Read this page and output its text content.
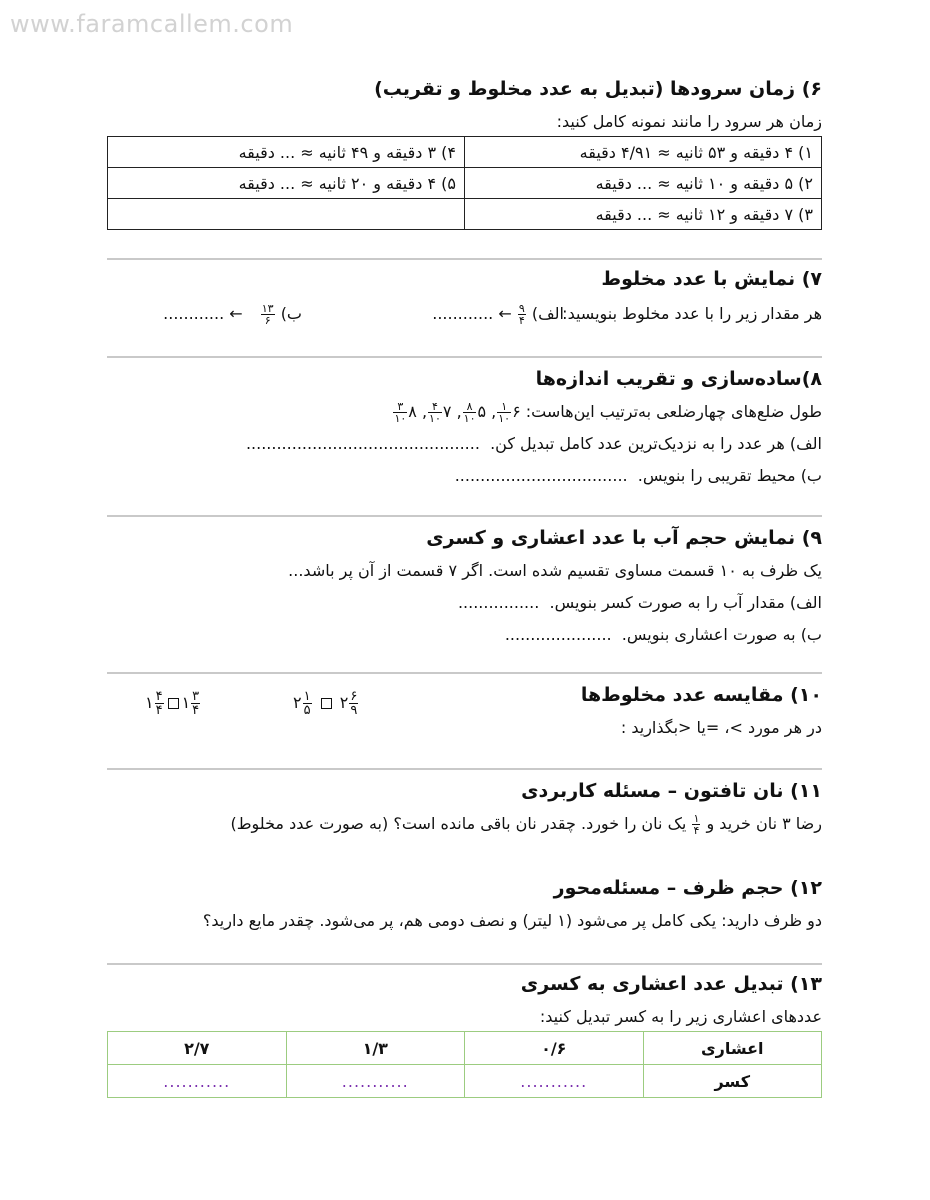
www.faramcallem.com
۶) زمان سرودها (تبدیل به عدد مخلوط و تقریب)
زمان هر سرود را مانند نمونه کامل کنید:
۱) ۴ دقیقه و ۵۳ ثانیه ≈ ۴/۹۱ دقیقه	۴) ۳ دقیقه و ۴۹ ثانیه ≈ ... دقیقه
۲) ۵ دقیقه و ۱۰ ثانیه ≈ ... دقیقه	۵) ۴ دقیقه و ۲۰ ثانیه ≈ ... دقیقه
۳) ۷ دقیقه و ۱۲ ثانیه ≈ ... دقیقه	
۷) نمایش با عدد مخلوط
هر مقدار زیر را با عدد مخلوط بنویسید:
الف)
$\frac{۹}{۴}$
← ............
ب)
$\frac{۱۳}{۶}$
← ............
۸)ساده‌سازی و تقریب اندازه‌ها
طول ضلع‌های چهارضلعی به‌ترتیب این‌هاست: ۶
$\frac{۱}{۱۰}$
, ۵
$\frac{۸}{۱۰}$
, ۷
$\frac{۴}{۱۰}$
, ۸
$\frac{۳}{۱۰}$
الف) هر عدد را به نزدیک‌ترین عدد کامل تبدیل کن.  ..............................................
ب) محیط تقریبی را بنویس.  ..................................
۹) نمایش حجم آب با عدد اعشاری و کسری
یک ظرف به ۱۰ قسمت مساوی تقسیم شده است. اگر ۷ قسمت از آن پر باشد...
الف) مقدار آب را به صورت کسر بنویس.  ................
ب) به صورت اعشاری بنویس.  .....................
۱۰) مقایسه عدد مخلوط‌ها
در هر مورد >، =یا <بگذارید :
۲ $\frac{۱}{۵}$ ۲ $\frac{۶}{۹}$
۱ $\frac{۴}{۴}$ ۱ $\frac{۳}{۴}$
۱۱) نان تافتون – مسئله کاربردی
رضا ۳ نان خرید و
$\frac{۱}{۴}$
یک نان را خورد. چقدر نان باقی مانده است؟ (به صورت عدد مخلوط)
۱۲) حجم ظرف – مسئله‌محور
دو ظرف دارید: یکی کامل پر می‌شود (۱ لیتر) و نصف دومی هم، پر می‌شود. چقدر مایع دارید؟
۱۳) تبدیل عدد اعشاری به کسری
عددهای اعشاری زیر را به کسر تبدیل کنید:
اعشاری	۰/۶	۱/۳	۲/۷
کسر	...........	...........	...........
